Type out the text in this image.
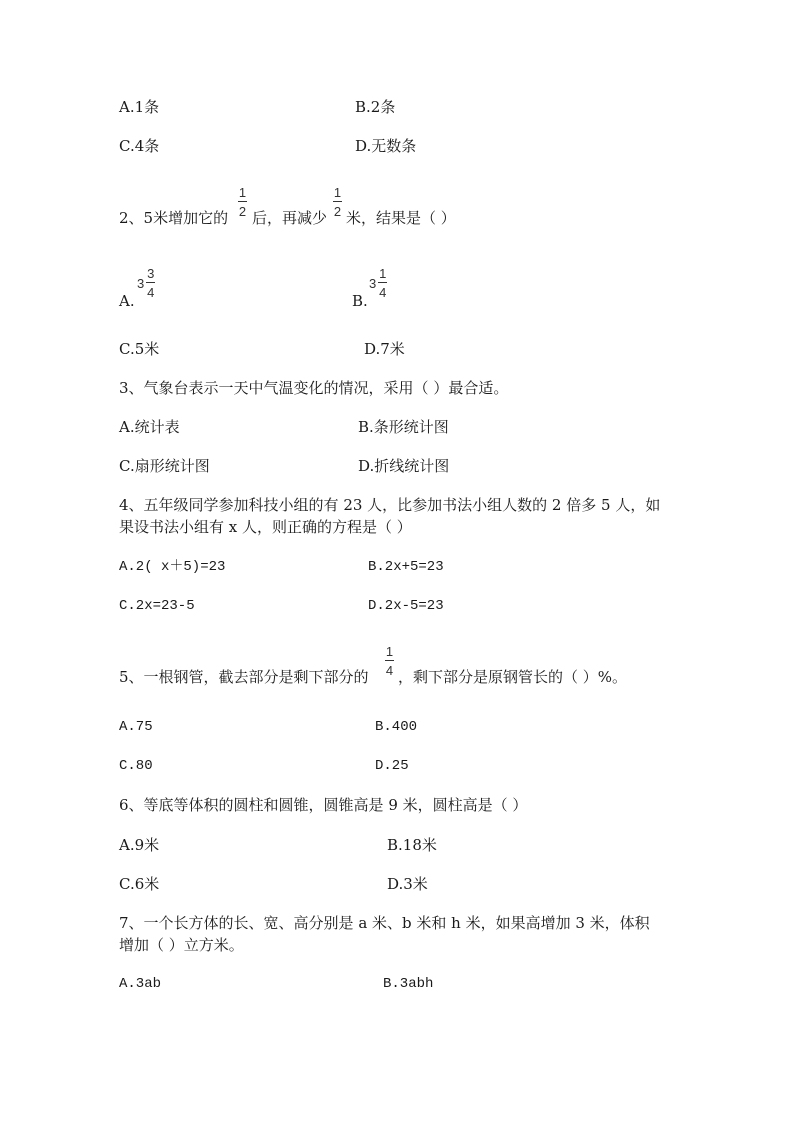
A.1条	B.2条
C.4条	D.无数条
2、5米增加它的
1
2 后，再减少
1
2 米，结果是（ ）
A.
$3 \frac{3}{4}$
B.
$3 \frac{1}{4}$
C.5米	D.7米
3、气象台表示一天中气温变化的情况，采用（ ）最合适。
A.统计表	B.条形统计图
C.扇形统计图	D.折线统计图
4、五年级同学参加科技小组的有 23 人，比参加书法小组人数的 2 倍多 5 人，如
果设书法小组有 x 人，则正确的方程是（ ）
A.2( x＋5)=23	B.2x+5=23
C.2x=23-5	D.2x-5=23
5、一根钢管，截去部分是剩下部分的
1
4 ，剩下部分是原钢管长的（ ）%。
A.75	B.400
C.80	D.25
6、等底等体积的圆柱和圆锥，圆锥高是 9 米，圆柱高是（ ）
A.9米	B.18米
C.6米	D.3米
7、一个长方体的长、宽、高分别是 a 米、b 米和 h 米，如果高增加 3 米，体积
增加（ ）立方米。
A.3ab	B.3abh
